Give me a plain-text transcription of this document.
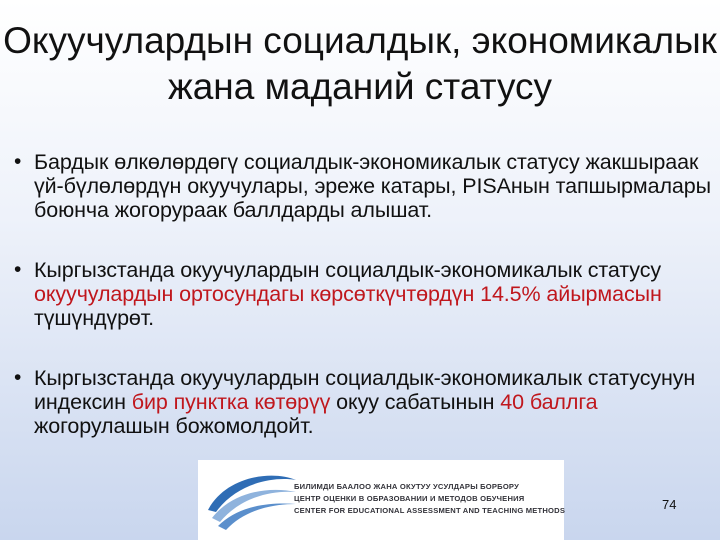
Окуучулардын социалдык, экономикалык
жана маданий статусу
• Бардык өлкөлөрдөгү социалдык-экономикалык статусу жакшыраак үй-бүлөлөрдүн окуучулары, эреже катары, PISAнын тапшырмалары боюнча жогорураак баллдарды алышат.
• Кыргызстанда окуучулардын социалдык-экономикалык статусу окуучулардын ортосундагы көрсөткүчтөрдүн 14.5% айырмасын түшүндүрөт.
• Кыргызстанда окуучулардын социалдык-экономикалык статусунун индексин бир пунктка көтөрүү окуу сабатынын 40 баллга жогорулашын божомолдойт.
БИЛИМДИ БААЛОО ЖАНА ОКУТУУ УСУЛДАРЫ БОРБОРУ
ЦЕНТР ОЦЕНКИ В ОБРАЗОВАНИИ И МЕТОДОВ ОБУЧЕНИЯ
CENTER FOR EDUCATIONAL ASSESSMENT AND TEACHING METHODS	74
